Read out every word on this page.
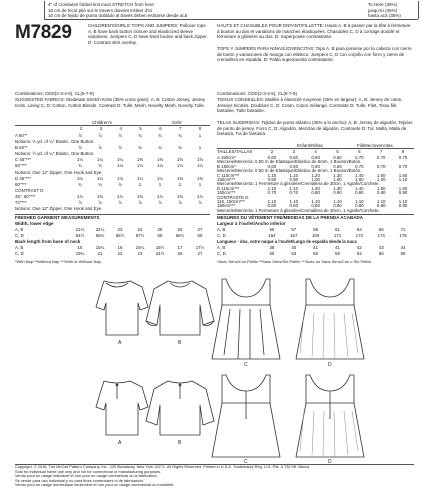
4" of crosswise folded knit must STRETCH from here
10 cm de tricot plié sur le travers doivent s'étirer d'ici
10 cm de tejido de punto doblado al través deben estirarse desde acá
To Here (35%)
jusqu'ici (35%)
hasta acá (35%)
M7829	CHILDREN'S/GIRLS' TOPS AND JUMPERS: Pullover tops A, B have back button closure and elasticized sleeve variations. Jumpers C, D have lined bodice and back zipper. D: Contrast skirt overlay.
HAUTS ET CHASUBLES POUR ENFANT/FILLETTE: Hauts A, B à passer par la tête à fermeture à bouton au dos et variations de manches élastiquées. Chasubles C, D à corsage doublé et fermeture à glissière au dos. D: Superposée contrastante.
TOPS Y JUMPERS PARA NIÑAS/JOVENCITAS: Tops A, B para ponerse por la cabeza con cierre de botón y variaciones de manga con elástico. Jumpers C, D con corpiño con forro y cierre de cremallera en espalda. D: Falda superpuesta contrastante.
Combinations: CDD(2-3-4-5), CL(6-7-8)	Combinaisons: CDD(2-3-4-5), CL(6-7-8)
SUGGESTED FABRICS: Moderate Stretch Knits (35% cross grain): A, B: Cotton Jersey, Jersey Knits. Lining C, D: Cotton, Cotton Blends. Contrast D: Tulle, Mesh, Novelty Mesh, Novelty Tulle.
TISSUS CONSEILLÉS: Mailles à élasticité moyenne (35% en largeur): A, B: Jersey de coton, Jerseys tricotés. Doublure C, D: Coton, Coton mélangé. Contraste D: Tulle, Filet, Tissu filé fantaisie, Tulle fantaisie.
TELAS SUGERIDAS: Tejidos de punto elástico (35% a lo ancho): A, B: Jersey de algodón, Tejidos de punto de jersey. Forro C, D: Algodón, Mezclas de algodón. Contraste D: Tul, Malla, Malla de fantasía, Tul de fantasía.
Children's	Girls'
	2	3	4	5	6	7	8
A 60"*	⅞	⅞	⅞	¾	¾	¾	1
Notions: ½ yd. of ¼" Elastic, One Button.
B 60"*	⅞	⅞	⅞	¾	¾	¾	1
Notions: ½ yd. of ¼" Elastic, One Button.
C 45"***	1⅛	1¼	1¼	1⅜	1⅜	1⅝	1⅝
60"***	¾	¾	1⅛	1⅛	1⅛	1⅛	1¼
Notions: One 12" Zipper, One Hook and Eye.
D 45"***	1¼	1¼	1⅛	1¼	1¼	1⅜	1⅜
60"***	¾	¾	⅞	1	1	1	1
CONTRAST D
45", 60"***	1¾	1¾	1¾	1¾	1¾	1¾	1¾
72"***	⅞	⅞	⅞	⅞	⅞	⅞	⅞
Notions: One 12" Zipper, One Hook and Eye.
Enfant/Niñas	Fillette/Jovencitas
TAILLES/TALLAS	2	3	4	5	6	7	8
A 150cm*	0.60	0.60	0.60	0.60	0.70	0.70	0.70
Mercerie/Mercería: 0.50 m de Elastique/Elástico de 6mm, 1 Bouton/Botón.
B 150cm*	0.60	0.60	0.60	0.60	0.70	0.70	0.70
Mercerie/Mercería: 0.50 m de Elastique/Elástico de 6mm, 1 Bouton/Botón.
C 115cm***	1.10	1.10	1.20	1.30	1.40	1.60	1.60
150cm***	0.90	0.90	1.00	1.00	1.00	1.00	1.10
Mercerie/Mercería: 1 Fermeture à glissière/Cremallera de 30cm, 1 Agrafe/Corchete.
D 115cm***	1.10	1.10	1.20	1.30	1.40	1.50	1.50
150cm***	0.70	0.70	0.80	0.90	0.90	0.90	0.90
CONTRASTE D
115, 150cm***	1.10	1.10	1.10	1.10	1.10	1.10	1.10
180cm***	0.80	0.80	0.80	0.80	0.80	0.80	0.80
Mercerie/Mercería: 1 Fermeture à glissière/Cremallera de 30cm, 1 Agrafe/Corchete.
FINISHED GARMENT MEASUREMENTS
Width, lower edge
A, B	21¾	22¼	23	24	25	26	27
C, D	64½	65¾	66½	67½	68	68½	69
Back length from base of neck
A, B	15	15¾	16	16¼	16½	17	17½
C, D	19¾	21	22	23	24½	26	27
*With Nap **Without Nap ***With or Without Nap
MESURES DU VÊTEMENT FINI/MEDIDAS DE LA PRENDA ACABADA
Largeur à l'ourlet/Ancho inferior
A, B	55	57	58	61	64	66	71
C, D	164	167	169	171	173	174	176
Longueur - dos, votre nuque à l'ourlet/Largo de espalda desde la nuca
A, B	38	40	41	41	42	43	44
C, D	50	53	56	58	62	66	69
*Avec Sens/Con Pelillo **Sans Sens/Sin Pelillo ***Avec ou Sans Sens/Con o Sin Pelillo
A	B
C	D
A	B
C	D
Copyright, © 2018, The McCall Pattern Company, Inc., 120 Broadway, New York 10271. All Rights Reserved. Printed in U.S.A. Trademarks Reg. U.S. Pat. & TM Off. Marca
Sold for individual home use only and not for commercial or manufacturing purposes.
Vendu pour un usage individuel et non pour un usage commercial ou la fabrication.
Se vende para uso individual y no para fines comerciales ni de fabricación.
Vendu pour un usage domestique seulement et non pour un usage commercial ou industriel.
